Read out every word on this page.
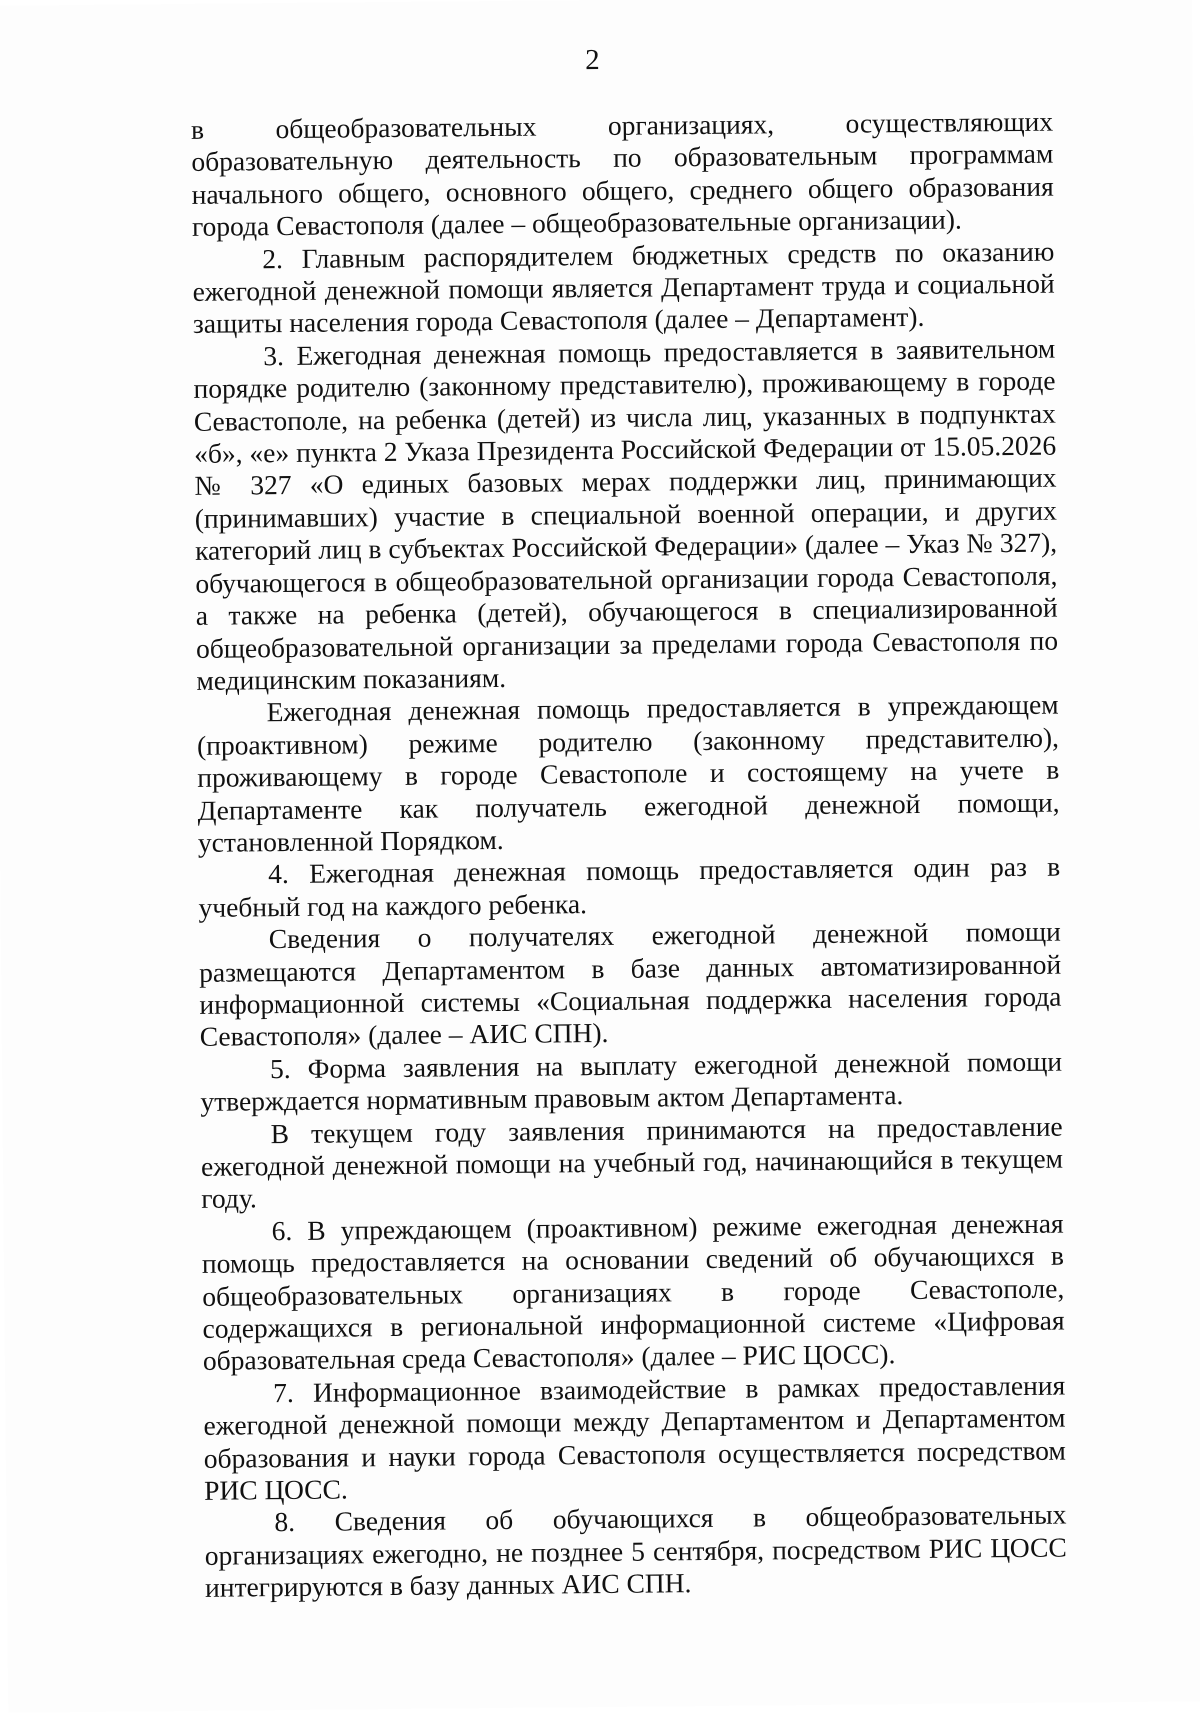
2

в общеобразовательных организациях, осуществляющих образовательную деятельность по образовательным программам начального общего, основного общего, среднего общего образования города Севастополя (далее – общеобразовательные организации).

2. Главным распорядителем бюджетных средств по оказанию ежегодной денежной помощи является Департамент труда и социальной защиты населения города Севастополя (далее – Департамент).

3. Ежегодная денежная помощь предоставляется в заявительном порядке родителю (законному представителю), проживающему в городе Севастополе, на ребенка (детей) из числа лиц, указанных в подпунктах «б», «е» пункта 2 Указа Президента Российской Федерации от 15.05.2026 № 327 «О единых базовых мерах поддержки лиц, принимающих (принимавших) участие в специальной военной операции, и других категорий лиц в субъектах Российской Федерации» (далее – Указ № 327), обучающегося в общеобразовательной организации города Севастополя, а также на ребенка (детей), обучающегося в специализированной общеобразовательной организации за пределами города Севастополя по медицинским показаниям.

Ежегодная денежная помощь предоставляется в упреждающем (проактивном) режиме родителю (законному представителю), проживающему в городе Севастополе и состоящему на учете в Департаменте как получатель ежегодной денежной помощи, установленной Порядком.

4. Ежегодная денежная помощь предоставляется один раз в учебный год на каждого ребенка.

Сведения о получателях ежегодной денежной помощи размещаются Департаментом в базе данных автоматизированной информационной системы «Социальная поддержка населения города Севастополя» (далее – АИС СПН).

5. Форма заявления на выплату ежегодной денежной помощи утверждается нормативным правовым актом Департамента.

В текущем году заявления принимаются на предоставление ежегодной денежной помощи на учебный год, начинающийся в текущем году.

6. В упреждающем (проактивном) режиме ежегодная денежная помощь предоставляется на основании сведений об обучающихся в общеобразовательных организациях в городе Севастополе, содержащихся в региональной информационной системе «Цифровая образовательная среда Севастополя» (далее – РИС ЦОСС).

7. Информационное взаимодействие в рамках предоставления ежегодной денежной помощи между Департаментом и Департаментом образования и науки города Севастополя осуществляется посредством РИС ЦОСС.

8. Сведения об обучающихся в общеобразовательных организациях ежегодно, не позднее 5 сентября, посредством РИС ЦОСС интегрируются в базу данных АИС СПН.
